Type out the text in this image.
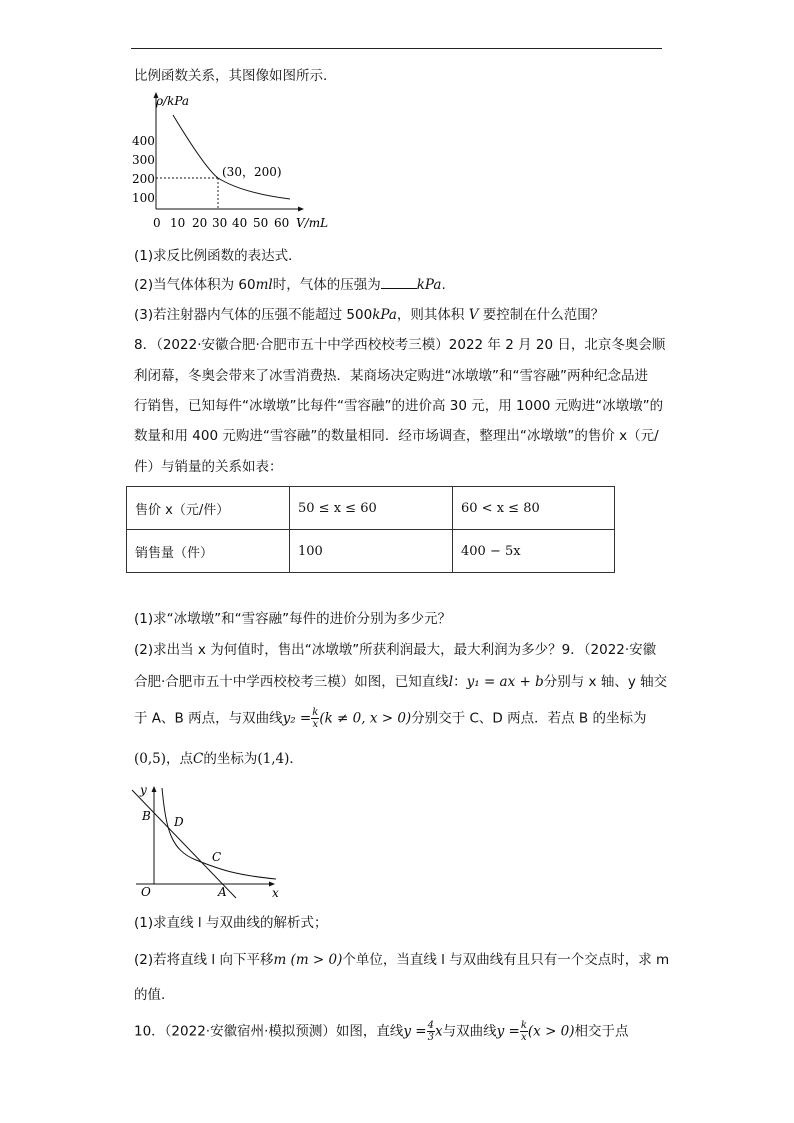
比例函数关系，其图像如图所示．
ρ/kPa
400
300
200
100
0 10 20 30 40 50 60 V/mL
(30，200)
(1)求反比例函数的表达式．
(2)当气体体积为 60ml时，气体的压强为	kPa.
(3)若注射器内气体的压强不能超过 500kPa，则其体积 V 要控制在什么范围？
8．（2022·安徽合肥·合肥市五十中学西校校考三模）2022 年 2 月 20 日，北京冬奥会顺
利闭幕，冬奥会带来了冰雪消费热．某商场决定购进“冰墩墩”和“雪容融”两种纪念品进
行销售，已知每件“冰墩墩”比每件“雪容融”的进价高 30 元，用 1000 元购进“冰墩墩”的
数量和用 400 元购进“雪容融”的数量相同．经市场调查，整理出“冰墩墩”的售价 x（元/
件）与销量的关系如表：
售价 x（元/件）	50 ≤ x ≤ 60	60 < x ≤ 80
销售量（件）	100	400 − 5x
(1)求“冰墩墩”和“雪容融”每件的进价分别为多少元？
(2)求出当 x 为何值时，售出“冰墩墩”所获利润最大，最大利润为多少？9．（2022·安徽
合肥·合肥市五十中学西校校考三模）如图，已知直线l：y₁ = ax + b分别与 x 轴、y 轴交
于 A、B 两点，与双曲线$y_2 = \frac{k}{x} (k \ne 0$, x > 0)分别交于 C、D 两点．若点 B 的坐标为
(0,5)，点C的坐标为(1,4)．
y
x
O
B D
C
A
(1)求直线 l 与双曲线的解析式；
(2)若将直线 l 向下平移m (m > 0)个单位，当直线 l 与双曲线有且只有一个交点时，求 m
的值．
10．（2022·安徽宿州·模拟预测）如图，直线$y = \frac{4}{3}$ x与双曲线$y = \frac{k}{x} (x > 0)$相交于点
